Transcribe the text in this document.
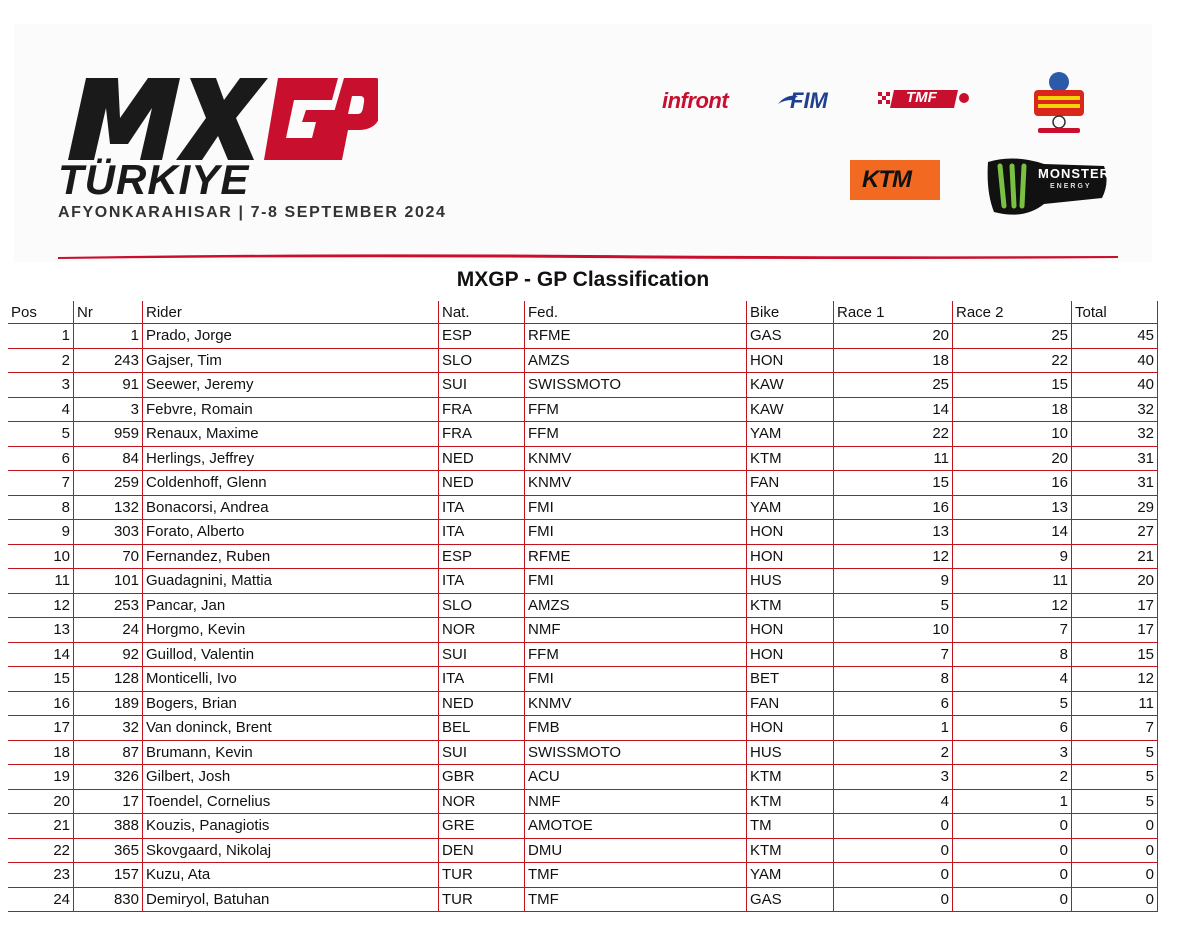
TÜRKIYE
AFYONKARAHISAR | 7-8 SEPTEMBER 2024
infront	FIM	TMF
KTM	MONSTER
ENERGY
MXGP - GP Classification
Pos	Nr	Rider	Nat.	Fed.	Bike	Race 1	Race 2	Total
1	1	Prado, Jorge	ESP	RFME	GAS	20	25	45
2	243	Gajser, Tim	SLO	AMZS	HON	18	22	40
3	91	Seewer, Jeremy	SUI	SWISSMOTO	KAW	25	15	40
4	3	Febvre, Romain	FRA	FFM	KAW	14	18	32
5	959	Renaux, Maxime	FRA	FFM	YAM	22	10	32
6	84	Herlings, Jeffrey	NED	KNMV	KTM	11	20	31
7	259	Coldenhoff, Glenn	NED	KNMV	FAN	15	16	31
8	132	Bonacorsi, Andrea	ITA	FMI	YAM	16	13	29
9	303	Forato, Alberto	ITA	FMI	HON	13	14	27
10	70	Fernandez, Ruben	ESP	RFME	HON	12	9	21
11	101	Guadagnini, Mattia	ITA	FMI	HUS	9	11	20
12	253	Pancar, Jan	SLO	AMZS	KTM	5	12	17
13	24	Horgmo, Kevin	NOR	NMF	HON	10	7	17
14	92	Guillod, Valentin	SUI	FFM	HON	7	8	15
15	128	Monticelli, Ivo	ITA	FMI	BET	8	4	12
16	189	Bogers, Brian	NED	KNMV	FAN	6	5	11
17	32	Van doninck, Brent	BEL	FMB	HON	1	6	7
18	87	Brumann, Kevin	SUI	SWISSMOTO	HUS	2	3	5
19	326	Gilbert, Josh	GBR	ACU	KTM	3	2	5
20	17	Toendel, Cornelius	NOR	NMF	KTM	4	1	5
21	388	Kouzis, Panagiotis	GRE	AMOTOE	TM	0	0	0
22	365	Skovgaard, Nikolaj	DEN	DMU	KTM	0	0	0
23	157	Kuzu, Ata	TUR	TMF	YAM	0	0	0
24	830	Demiryol, Batuhan	TUR	TMF	GAS	0	0	0
